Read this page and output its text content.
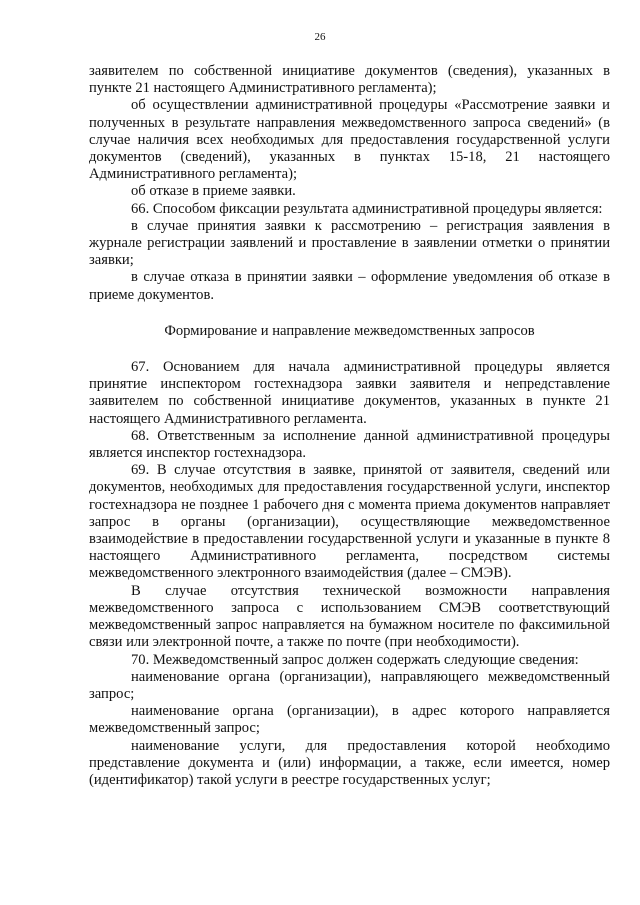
26

заявителем по собственной инициативе документов (сведения), указанных в пункте 21 настоящего Административного регламента);

об осуществлении административной процедуры «Рассмотрение заявки и полученных в результате направления межведомственного запроса сведений» (в случае наличия всех необходимых для предоставления государственной услуги документов (сведений), указанных в пунктах 15-18, 21 настоящего Административного регламента);

об отказе в приеме заявки.

66. Способом фиксации результата административной процедуры является:

в случае принятия заявки к рассмотрению – регистрация заявления в журнале регистрации заявлений и проставление в заявлении отметки о принятии заявки;

в случае отказа в принятии заявки – оформление уведомления об отказе в приеме документов.

Формирование и направление межведомственных запросов

67. Основанием для начала административной процедуры является принятие инспектором гостехнадзора заявки заявителя и непредставление заявителем по собственной инициативе документов, указанных в пункте 21 настоящего Административного регламента.

68. Ответственным за исполнение данной административной процедуры является инспектор гостехнадзора.

69. В случае отсутствия в заявке, принятой от заявителя, сведений или документов, необходимых для предоставления государственной услуги, инспектор гостехнадзора не позднее 1 рабочего дня с момента приема документов направляет запрос в органы (организации), осуществляющие межведомственное взаимодействие в предоставлении государственной услуги и указанные в пункте 8 настоящего Административного регламента, посредством системы межведомственного электронного взаимодействия (далее – СМЭВ).

В случае отсутствия технической возможности направления межведомственного запроса с использованием СМЭВ соответствующий межведомственный запрос направляется на бумажном носителе по факсимильной связи или электронной почте, а также по почте (при необходимости).

70. Межведомственный запрос должен содержать следующие сведения:

наименование органа (организации), направляющего межведомственный запрос;

наименование органа (организации), в адрес которого направляется межведомственный запрос;

наименование услуги, для предоставления которой необходимо представление документа и (или) информации, а также, если имеется, номер (идентификатор) такой услуги в реестре государственных услуг;
